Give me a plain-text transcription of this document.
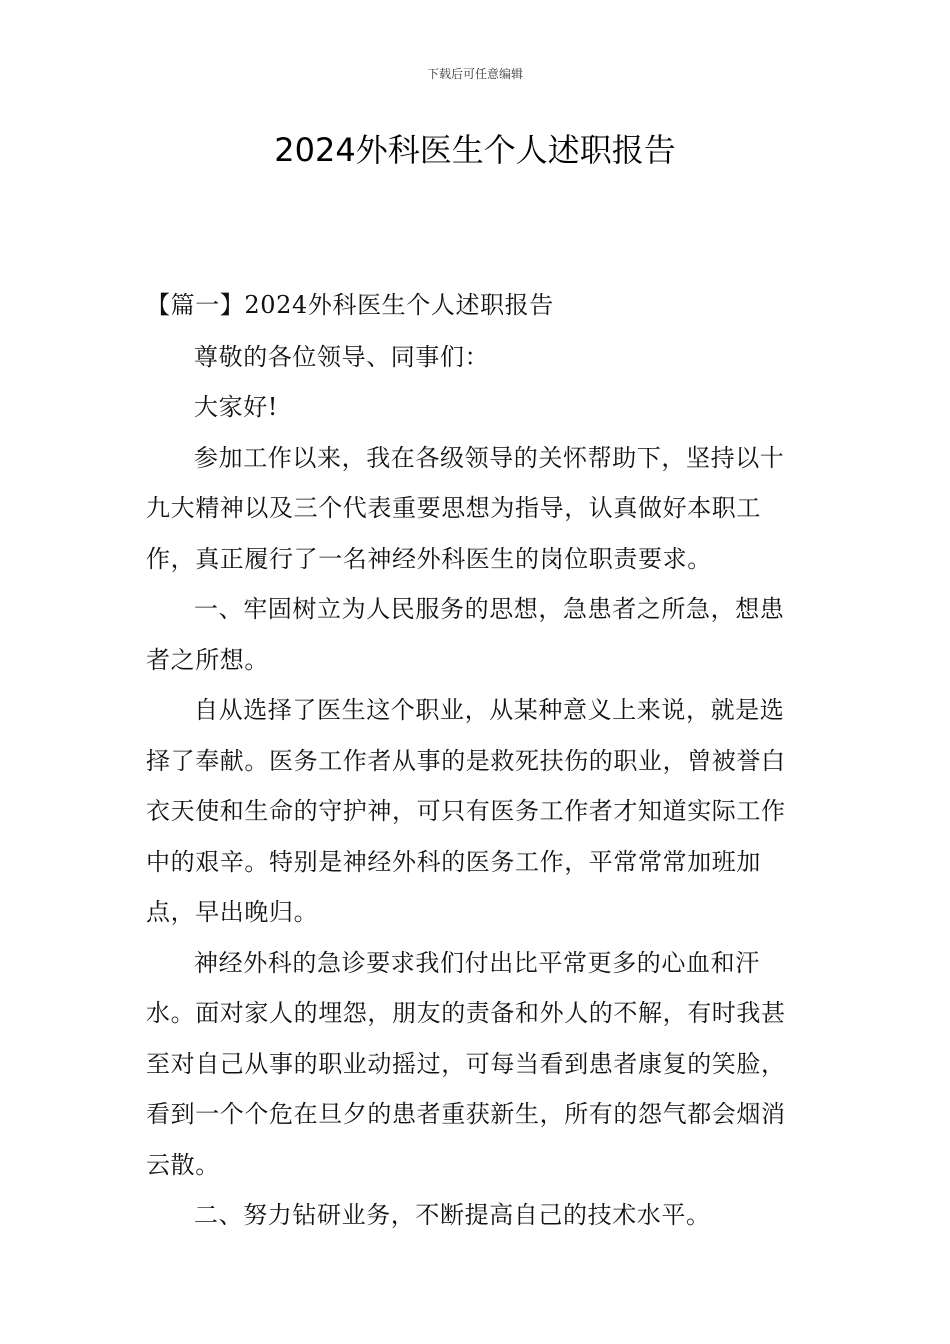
下载后可任意编辑
2024外科医生个人述职报告

【篇一】2024外科医生个人述职报告

尊敬的各位领导、同事们：

大家好!

参加工作以来，我在各级领导的关怀帮助下，坚持以十九大精神以及三个代表重要思想为指导，认真做好本职工作，真正履行了一名神经外科医生的岗位职责要求。

一、牢固树立为人民服务的思想，急患者之所急，想患者之所想。

自从选择了医生这个职业，从某种意义上来说，就是选择了奉献。医务工作者从事的是救死扶伤的职业，曾被誉白衣天使和生命的守护神，可只有医务工作者才知道实际工作中的艰辛。特别是神经外科的医务工作，平常常常加班加点，早出晚归。

神经外科的急诊要求我们付出比平常更多的心血和汗水。面对家人的埋怨，朋友的责备和外人的不解，有时我甚至对自己从事的职业动摇过，可每当看到患者康复的笑脸，看到一个个危在旦夕的患者重获新生，所有的怨气都会烟消云散。

二、努力钻研业务，不断提高自己的技术水平。
